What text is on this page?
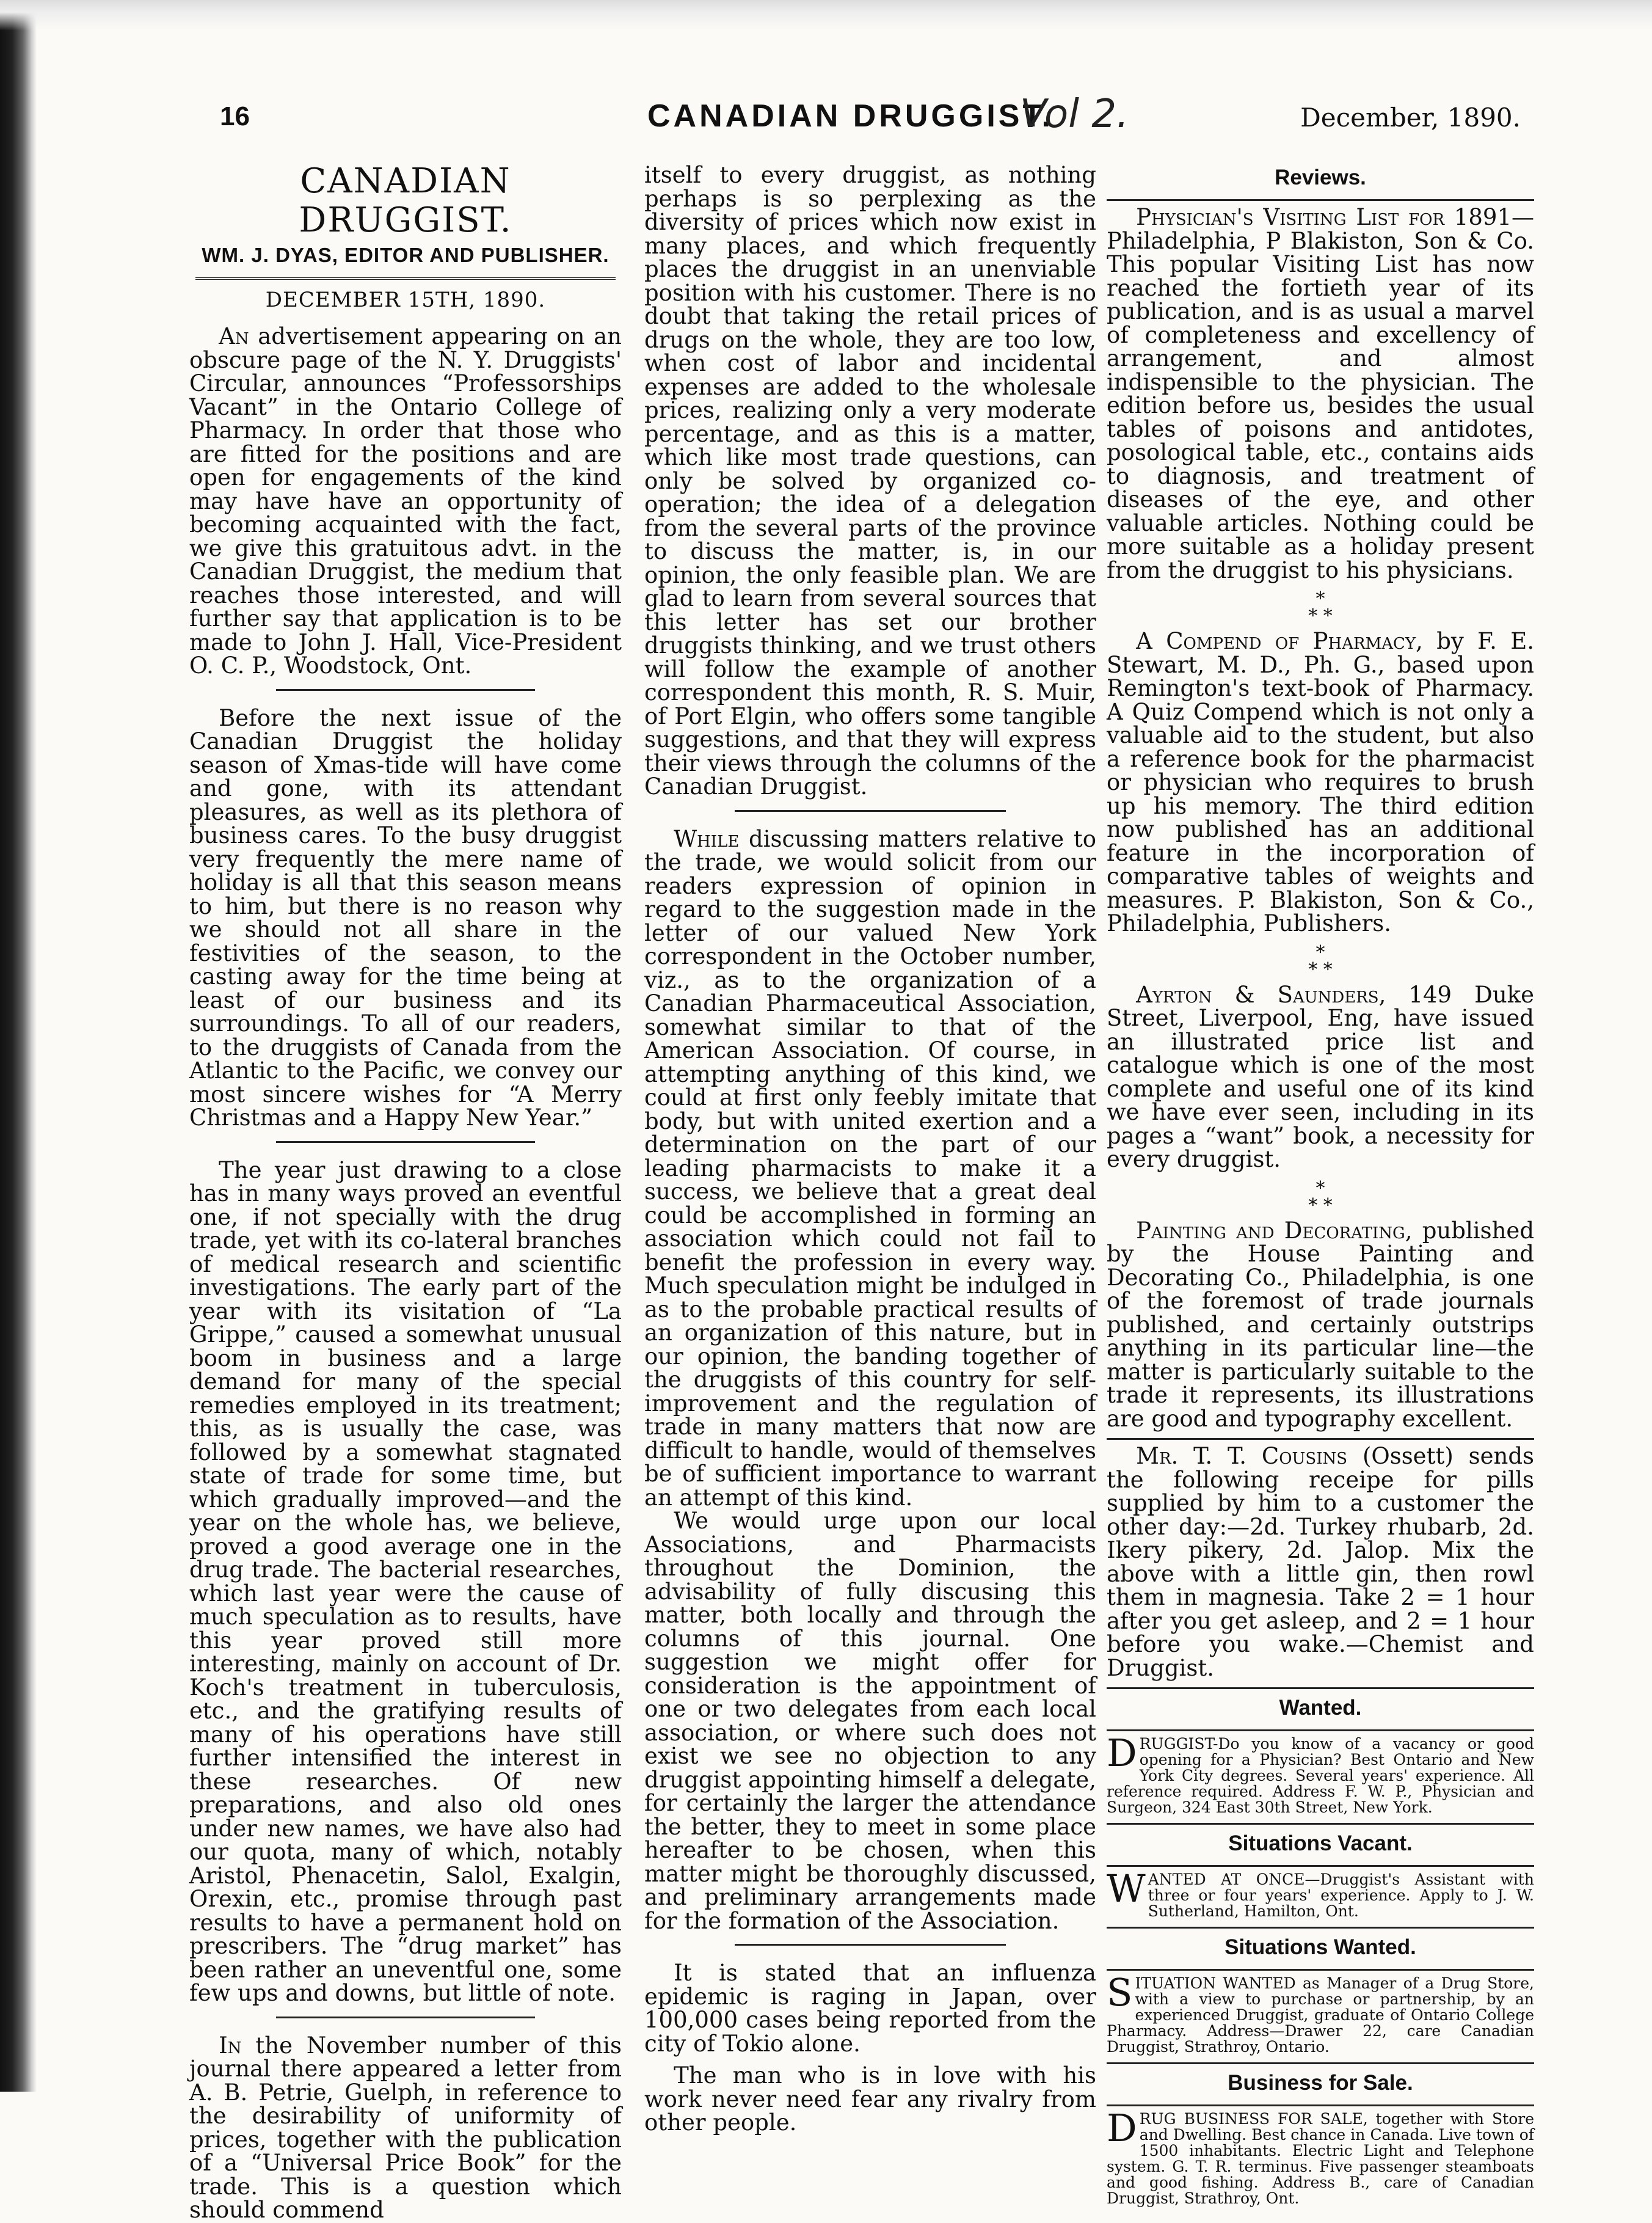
16	CANADIAN DRUGGIST.
Vol 2.	December, 1890.
CANADIAN DRUGGIST.
WM. J. DYAS, EDITOR AND PUBLISHER.
DECEMBER 15TH, 1890.

An advertisement appearing on an obscure page of the N. Y. Druggists' Circular, announces “Professorships Vacant” in the Ontario College of Pharmacy. In order that those who are fitted for the positions and are open for engagements of the kind may have have an opportunity of becoming acquainted with the fact, we give this gratuitous advt. in the Canadian Druggist, the medium that reaches those interested, and will further say that application is to be made to John J. Hall, Vice-President O. C. P., Woodstock, Ont.

Before the next issue of the Canadian Druggist the holiday season of Xmas-tide will have come and gone, with its attendant pleasures, as well as its plethora of business cares. To the busy druggist very frequently the mere name of holiday is all that this season means to him, but there is no reason why we should not all share in the festivities of the season, to the casting away for the time being at least of our business and its surroundings. To all of our readers, to the druggists of Canada from the Atlantic to the Pacific, we convey our most sincere wishes for “A Merry Christmas and a Happy New Year.”

The year just drawing to a close has in many ways proved an eventful one, if not specially with the drug trade, yet with its co-lateral branches of medical research and scientific investigations. The early part of the year with its visitation of “La Grippe,” caused a somewhat unusual boom in business and a large demand for many of the special remedies employed in its treatment; this, as is usually the case, was followed by a somewhat stagnated state of trade for some time, but which gradually improved—and the year on the whole has, we believe, proved a good average one in the drug trade. The bacterial researches, which last year were the cause of much speculation as to results, have this year proved still more interesting, mainly on account of Dr. Koch's treatment in tuberculosis, etc., and the gratifying results of many of his operations have still further intensified the interest in these researches. Of new preparations, and also old ones under new names, we have also had our quota, many of which, notably Aristol, Phenacetin, Salol, Exalgin, Orexin, etc., promise through past results to have a permanent hold on prescribers. The “drug market” has been rather an uneventful one, some few ups and downs, but little of note.

In the November number of this journal there appeared a letter from A. B. Petrie, Guelph, in reference to the desirability of uniformity of prices, together with the publication of a “Universal Price Book” for the trade. This is a question which should commend

itself to every druggist, as nothing perhaps is so perplexing as the diversity of prices which now exist in many places, and which frequently places the druggist in an unenviable position with his customer. There is no doubt that taking the retail prices of drugs on the whole, they are too low, when cost of labor and incidental expenses are added to the wholesale prices, realizing only a very moderate percentage, and as this is a matter, which like most trade questions, can only be solved by organized co-operation; the idea of a delegation from the several parts of the province to discuss the matter, is, in our opinion, the only feasible plan. We are glad to learn from several sources that this letter has set our brother druggists thinking, and we trust others will follow the example of another correspondent this month, R. S. Muir, of Port Elgin, who offers some tangible suggestions, and that they will express their views through the columns of the Canadian Druggist.

While discussing matters relative to the trade, we would solicit from our readers expression of opinion in regard to the suggestion made in the letter of our valued New York correspondent in the October number, viz., as to the organization of a Canadian Pharmaceutical Association, somewhat similar to that of the American Association. Of course, in attempting anything of this kind, we could at first only feebly imitate that body, but with united exertion and a determination on the part of our leading pharmacists to make it a success, we believe that a great deal could be accomplished in forming an association which could not fail to benefit the profession in every way. Much speculation might be indulged in as to the probable practical results of an organization of this nature, but in our opinion, the banding together of the druggists of this country for self-improvement and the regulation of trade in many matters that now are difficult to handle, would of themselves be of sufficient importance to warrant an attempt of this kind.

We would urge upon our local Associations, and Pharmacists throughout the Dominion, the advisability of fully discusing this matter, both locally and through the columns of this journal. One suggestion we might offer for consideration is the appointment of one or two delegates from each local association, or where such does not exist we see no objection to any druggist appointing himself a delegate, for certainly the larger the attendance the better, they to meet in some place hereafter to be chosen, when this matter might be thoroughly discussed, and preliminary arrangements made for the formation of the Association.

It is stated that an influenza epidemic is raging in Japan, over 100,000 cases being reported from the city of Tokio alone.

The man who is in love with his work never need fear any rivalry from other people.

Reviews.

Physician's Visiting List for 1891—Philadelphia, P Blakiston, Son & Co. This popular Visiting List has now reached the fortieth year of its publication, and is as usual a marvel of completeness and excellency of arrangement, and almost indispensible to the physician. The edition before us, besides the usual tables of poisons and antidotes, posological table, etc., contains aids to diagnosis, and treatment of diseases of the eye, and other valuable articles. Nothing could be more suitable as a holiday present from the druggist to his physicians.

*
* *

A Compend of Pharmacy, by F. E. Stewart, M. D., Ph. G., based upon Remington's text-book of Pharmacy. A Quiz Compend which is not only a valuable aid to the student, but also a reference book for the pharmacist or physician who requires to brush up his memory. The third edition now published has an additional feature in the incorporation of comparative tables of weights and measures. P. Blakiston, Son & Co., Philadelphia, Publishers.

*
* *

Ayrton & Saunders, 149 Duke Street, Liverpool, Eng, have issued an illustrated price list and catalogue which is one of the most complete and useful one of its kind we have ever seen, including in its pages a “want” book, a necessity for every druggist.

*
* *

Painting and Decorating, published by the House Painting and Decorating Co., Philadelphia, is one of the foremost of trade journals published, and certainly outstrips anything in its particular line—the matter is particularly suitable to the trade it represents, its illustrations are good and typography excellent.

Mr. T. T. Cousins (Ossett) sends the following receipe for pills supplied by him to a customer the other day:—2d. Turkey rhubarb, 2d. Ikery pikery, 2d. Jalop. Mix the above with a little gin, then rowl them in magnesia. Take 2 = 1 hour after you get asleep, and 2 = 1 hour before you wake.—Chemist and Druggist.

Wanted.
DRUGGIST-Do you know of a vacancy or good opening for a Physician? Best Ontario and New York City degrees. Several years' experience. All reference required. Address F. W. P., Physician and Surgeon, 324 East 30th Street, New York.
Situations Vacant.
WANTED AT ONCE—Druggist's Assistant with three or four years' experience. Apply to J. W. Sutherland, Hamilton, Ont.
Situations Wanted.
SITUATION WANTED as Manager of a Drug Store, with a view to purchase or partnership, by an experienced Druggist, graduate of Ontario College Pharmacy. Address—Drawer 22, care Canadian Druggist, Strathroy, Ontario.
Business for Sale.
DRUG BUSINESS FOR SALE, together with Store and Dwelling. Best chance in Canada. Live town of 1500 inhabitants. Electric Light and Telephone system. G. T. R. terminus. Five passenger steamboats and good fishing. Address B., care of Canadian Druggist, Strathroy, Ont.
